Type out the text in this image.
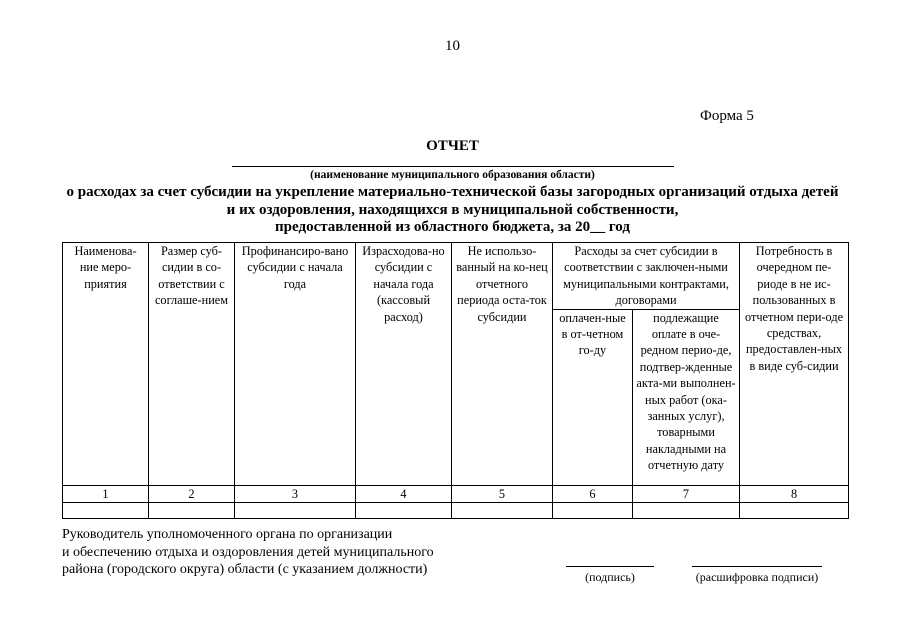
10
Форма 5
ОТЧЕТ
(наименование муниципального образования области)
о расходах за счет субсидии на укрепление материально-технической базы загородных организаций отдыха детей
и их оздоровления, находящихся в муниципальной собственности,
предоставленной из областного бюджета, за 20__ год
Наименова-ние меро-приятия	Размер суб-сидии в со-ответствии с соглаше-нием	Профинансиро-вано субсидии с начала года	Израсходова-но субсидии с начала года (кассовый расход)	Не использо-ванный на ко-нец отчетного периода оста-ток субсидии	Расходы за счет субсидии в соответствии с заключен-ными муниципальными контрактами, договорами		Потребность в очередном пе-риоде в не ис-пользованных в отчетном пери-оде средствах, предоставлен-ных в виде суб-сидии
					оплачен-ные в от-четном го-ду	подлежащие оплате в оче-редном перио-де, подтвер-жденные акта-ми выполнен-ных работ (ока-занных услуг), товарными накладными на отчетную дату	
1	2	3	4	5	6	7	8

Руководитель уполномоченного органа по организации
и обеспечению отдыха и оздоровления детей муниципального
района (городского округа) области (с указанием должности)	(подпись)	(расшифровка подписи)
